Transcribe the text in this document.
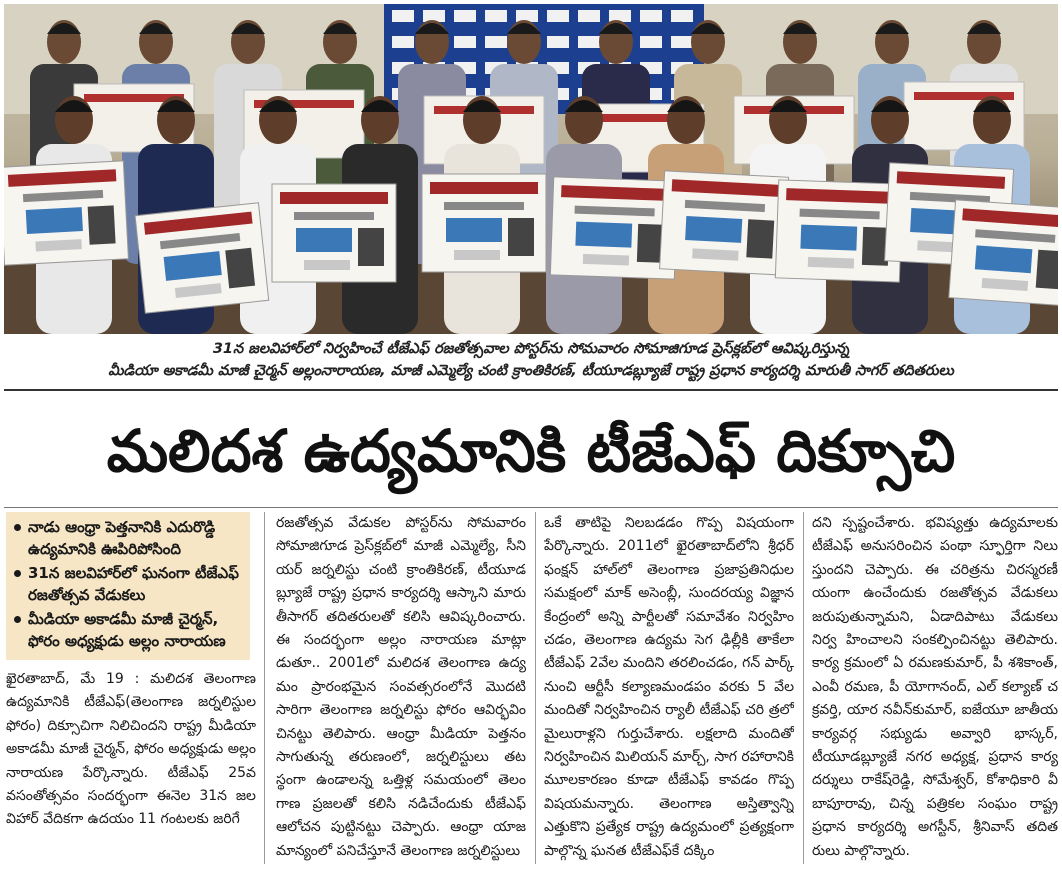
31న జలవిహార్‌లో నిర్వహించే టీజేఎఫ్ రజతోత్సవాల పోస్టర్‌ను సోమవారం సోమాజిగూడ ప్రెస్‌క్లబ్‌లో ఆవిష్కరిస్తున్న
మీడియా అకాడమీ మాజీ చైర్మన్ అల్లంనారాయణ, మాజీ ఎమ్మెల్యే చంటి క్రాంతికిరణ్, టీయూడబ్ల్యూజే రాష్ట్ర ప్రధాన కార్యదర్శి మారుతీ సాగర్ తదితరులు
మలిదశ ఉద్యమానికి టీజేఎఫ్ దిక్సూచి
నాడు ఆంధ్రా పెత్తనానికి ఎదురొడ్డి ఉద్యమానికి ఊపిరిపోసింది
31న జలవిహార్‌లో ఘనంగా టీజేఎఫ్ రజతోత్సవ వేడుకలు
మీడియా అకాడమీ మాజీ చైర్మన్, ఫోరం అధ్యక్షుడు అల్లం నారాయణ

ఖైరతాబాద్, మే 19 : మలిదశ తెలంగాణ ఉద్యమానికి టీజేఎఫ్(తెలంగాణ జర్నలిస్టుల ఫోరం) దిక్సూచిగా నిలిచిందని రాష్ట్ర మీడియా అకాడమీ మాజీ చైర్మన్, ఫోరం అధ్యక్షుడు అల్లం నారాయణ పేర్కొన్నారు. టీజేఎఫ్ 25వ వసంతోత్సవం సందర్భంగా ఈనెల 31న జల విహార్ వేదికగా ఉదయం 11 గంటలకు జరిగే

రజతోత్సవ వేడుకల పోస్టర్‌ను సోమవారం సోమాజిగూడ ప్రెస్‌క్లబ్‌లో మాజీ ఎమ్మెల్యే, సీని యర్ జర్నలిస్టు చంటి క్రాంతికిరణ్, టీయూడ బ్ల్యూజే రాష్ట్ర ప్రధాన కార్యదర్శి ఆస్కాని మారు తీసాగర్ తదితరులతో కలిసి ఆవిష్కరించారు. ఈ సందర్భంగా అల్లం నారాయణ మాట్లా డుతూ.. 2001లో మలిదశ తెలంగాణ ఉద్య మం ప్రారంభమైన సంవత్సరంలోనే మొదటి సారిగా తెలంగాణ జర్నలిస్టు ఫోరం ఆవిర్భవిం చినట్టు తెలిపారు. ఆంధ్రా మీడియా పెత్తనం సాగుతున్న తరుణంలో, జర్నలిస్టులు తట స్థంగా ఉండాలన్న ఒత్తిళ్ల సమయంలో తెలం గాణ ప్రజలతో కలిసి నడిచేందుకు టీజేఎఫ్ ఆలోచన పుట్టినట్టు చెప్పారు. ఆంధ్రా యాజ మాన్యంలో పనిచేస్తూనే తెలంగాణ జర్నలిస్టులు

ఒకే తాటిపై నిలబడడం గొప్ప విషయంగా పేర్కొన్నారు. 2011లో ఖైరతాబాద్‌లోని శ్రీధర్ ఫంక్షన్ హాల్‌లో తెలంగాణ ప్రజాప్రతినిధుల సమక్షంలో మాక్ అసెంబ్లీ, సుందరయ్య విజ్ఞాన కేంద్రంలో అన్ని పార్టీలతో సమావేశం నిర్వహిం చడం, తెలంగాణ ఉద్యమ సెగ ఢిల్లీకి తాకేలా టీజేఎఫ్ 2వేల మందిని తరలించడం, గన్ పార్క్ నుంచి ఆర్టీసీ కల్యాణమండపం వరకు 5 వేల మందితో నిర్వహించిన ర్యాలీ టీజేఎఫ్ చరి త్రలో మైలురాళ్లని గుర్తుచేశారు. లక్షలాది మందితో నిర్వహించిన మిలియన్ మార్చ్, సాగ రహారానికి మూలకారణం కూడా టీజేఎఫ్ కావడం గొప్ప విషయమన్నారు. తెలంగాణ అస్తిత్వాన్ని ఎత్తుకొని ప్రత్యేక రాష్ట్ర ఉద్యమంలో ప్రత్యక్షంగా పాల్గొన్న ఘనత టీజేఎఫ్‌కే దక్కిం

దని స్పష్టంచేశారు. భవిష్యత్తు ఉద్యమాలకు టీజేఎఫ్ అనుసరించిన పంథా స్ఫూర్తిగా నిలు స్తుందని చెప్పారు. ఈ చరిత్రను చిరస్మరణీ యంగా ఉంచేందుకు రజతోత్సవ వేడుకలు జరుపుతున్నామని, ఏడాదిపాటు వేడుకలు నిర్వ హించాలని సంకల్పించినట్టు తెలిపారు. కార్య క్రమంలో ఏ రమణకుమార్, పీ శశికాంత్, ఎంవీ రమణ, పీ యోగానంద్, ఎల్ కల్యాణ్ చ క్రవర్తి, యార నవీన్‌కుమార్, ఐజేయూ జాతీయ కార్యవర్గ సభ్యుడు అవ్వారి భాస్కర్, టీయూడబ్ల్యూజే నగర అధ్యక్ష, ప్రధాన కార్య దర్శులు రాకేష్‌రెడ్డి, సోమేశ్వర్, కోశాధికారి వీ బాపూరావు, చిన్న పత్రికల సంఘం రాష్ట్ర ప్రధాన కార్యదర్శి అగస్టీన్, శ్రీనివాస్ తదిత రులు పాల్గొన్నారు.
